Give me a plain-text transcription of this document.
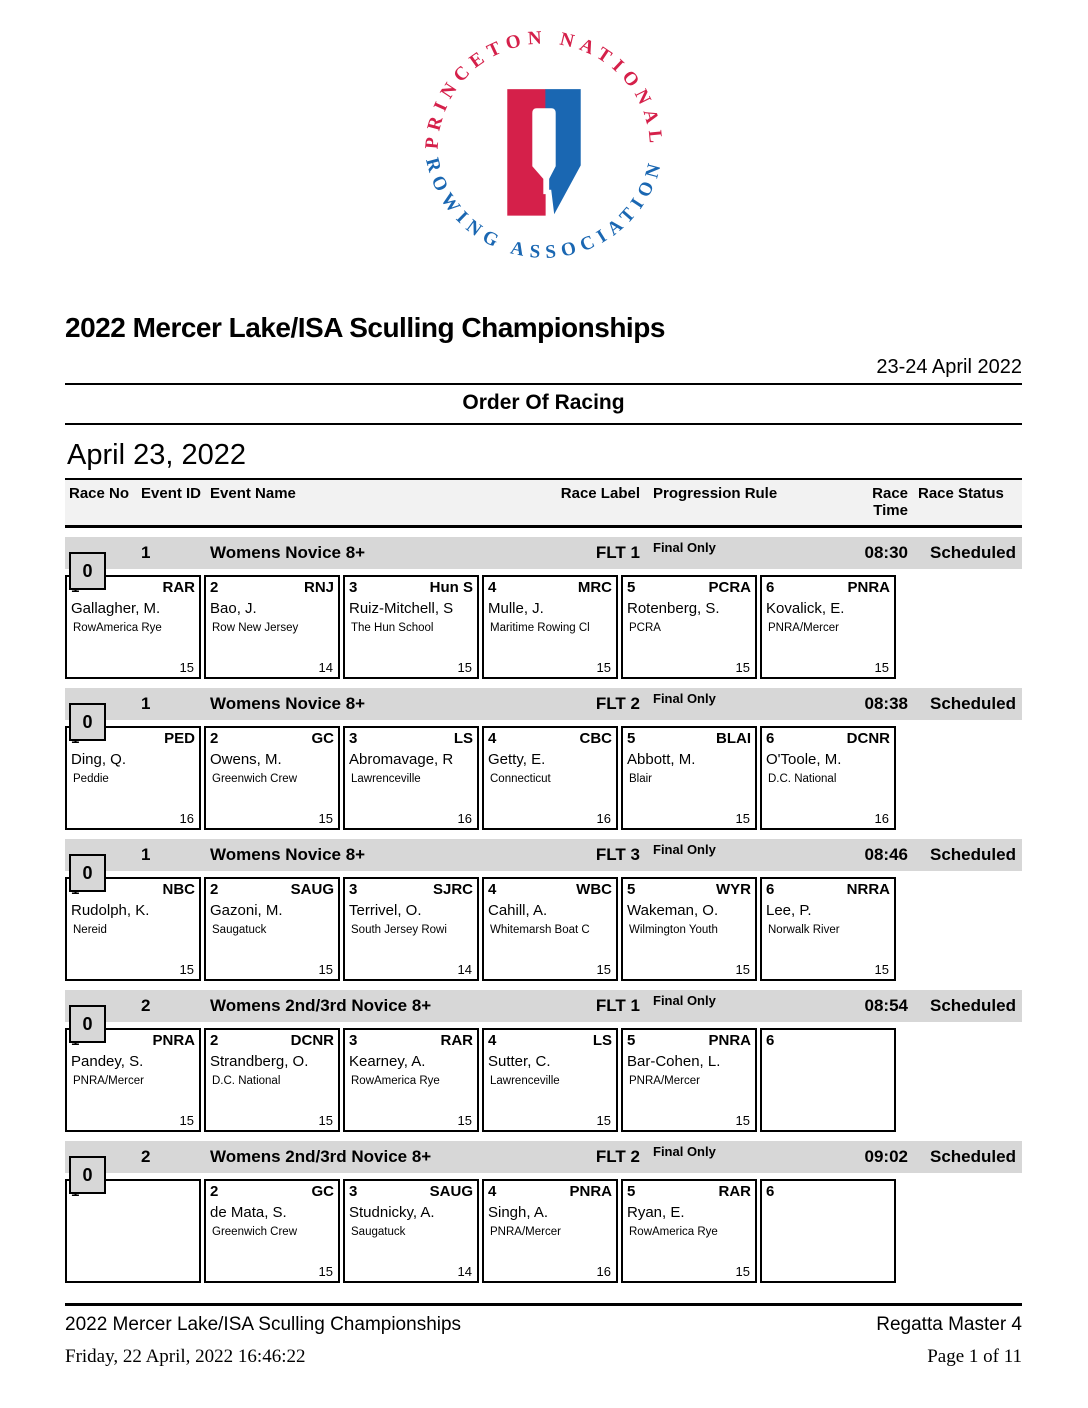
PRINCETON NATIONAL
ROWING ASSOCIATION
2022 Mercer Lake/ISA Sculling Championships
23-24 April 2022
Order Of Racing
April 23, 2022
Race No Event ID Event Name	Race Label Progression Rule	Race Time
Race Status
0
1	Womens Novice 8+	FLT 1	Final Only	08:30	Scheduled
RAR
Gallagher, M.
RowAmerica Rye
15
2	RNJ
Bao, J.
Row New Jersey
14
3	Hun S
Ruiz-Mitchell, S
The Hun School
15
4	MRC
Mulle, J.
Maritime Rowing Cl
15
5	PCRA
Rotenberg, S.
PCRA
15
6	PNRA
Kovalick, E.
PNRA/Mercer
15
0
1	Womens Novice 8+	FLT 2	Final Only	08:38	Scheduled
PED
Ding, Q.
Peddie
16
2	GC
Owens, M.
Greenwich Crew
15
3	LS
Abromavage, R
Lawrenceville
16
4	CBC
Getty, E.
Connecticut
16
5	BLAI
Abbott, M.
Blair
15
6	DCNR
O'Toole, M.
D.C. National
16
0
1	Womens Novice 8+	FLT 3	Final Only	08:46	Scheduled
NBC
Rudolph, K.
Nereid
15
2	SAUG
Gazoni, M.
Saugatuck
15
3	SJRC
Terrivel, O.
South Jersey Rowi
14
4	WBC
Cahill, A.
Whitemarsh Boat C
15
5	WYR
Wakeman, O.
Wilmington Youth
15
6	NRRA
Lee, P.
Norwalk River
15
0
2	Womens 2nd/3rd Novice 8+	FLT 1	Final Only	08:54	Scheduled
PNRA
Pandey, S.
PNRA/Mercer
15
2	DCNR
Strandberg, O.
D.C. National
15
3	RAR
Kearney, A.
RowAmerica Rye
15
4	LS
Sutter, C.
Lawrenceville
15
5	PNRA
Bar-Cohen, L.
PNRA/Mercer
15
6
0
2	Womens 2nd/3rd Novice 8+	FLT 2	Final Only	09:02	Scheduled
2	GC
de Mata, S.
Greenwich Crew
15
3	SAUG
Studnicky, A.
Saugatuck
14
4	PNRA
Singh, A.
PNRA/Mercer
16
5	RAR
Ryan, E.
RowAmerica Rye
15
6
2022 Mercer Lake/ISA Sculling Championships	Regatta Master 4
Friday, 22 April, 2022 16:46:22	Page 1 of 11
